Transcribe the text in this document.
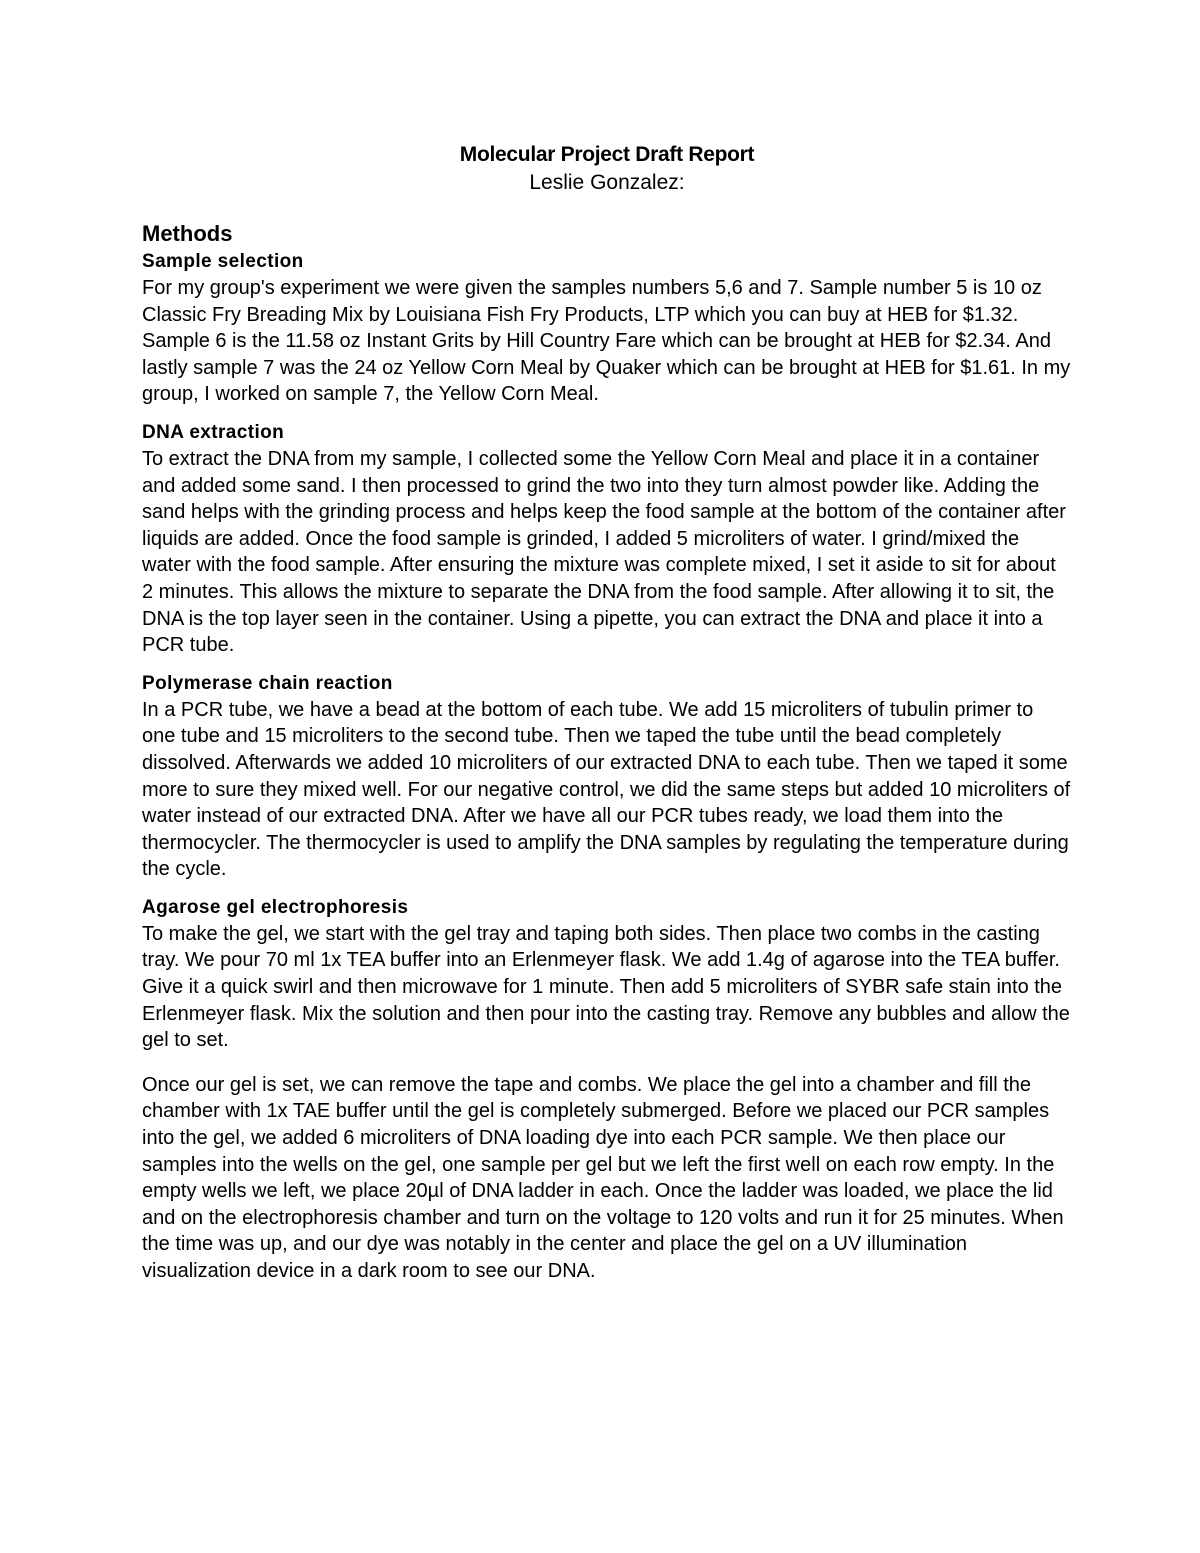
Molecular Project Draft Report

Leslie Gonzalez:

Methods
Sample selection

For my group's experiment we were given the samples numbers 5,6 and 7. Sample number 5 is 10 oz Classic Fry Breading Mix by Louisiana Fish Fry Products, LTP which you can buy at HEB for $1.32. Sample 6 is the 11.58 oz Instant Grits by Hill Country Fare which can be brought at HEB for $2.34. And lastly sample 7 was the 24 oz Yellow Corn Meal by Quaker which can be brought at HEB for $1.61. In my group, I worked on sample 7, the Yellow Corn Meal.

DNA extraction

To extract the DNA from my sample, I collected some the Yellow Corn Meal and place it in a container and added some sand. I then processed to grind the two into they turn almost powder like. Adding the sand helps with the grinding process and helps keep the food sample at the bottom of the container after liquids are added. Once the food sample is grinded, I added 5 microliters of water. I grind/mixed the water with the food sample. After ensuring the mixture was complete mixed, I set it aside to sit for about 2 minutes. This allows the mixture to separate the DNA from the food sample. After allowing it to sit, the DNA is the top layer seen in the container. Using a pipette, you can extract the DNA and place it into a PCR tube.

Polymerase chain reaction

In a PCR tube, we have a bead at the bottom of each tube. We add 15 microliters of tubulin primer to one tube and 15 microliters to the second tube. Then we taped the tube until the bead completely dissolved. Afterwards we added 10 microliters of our extracted DNA to each tube. Then we taped it some more to sure they mixed well. For our negative control, we did the same steps but added 10 microliters of water instead of our extracted DNA. After we have all our PCR tubes ready, we load them into the thermocycler. The thermocycler is used to amplify the DNA samples by regulating the temperature during the cycle.

Agarose gel electrophoresis

To make the gel, we start with the gel tray and taping both sides. Then place two combs in the casting tray. We pour 70 ml 1x TEA buffer into an Erlenmeyer flask. We add 1.4g of agarose into the TEA buffer. Give it a quick swirl and then microwave for 1 minute. Then add 5 microliters of SYBR safe stain into the Erlenmeyer flask. Mix the solution and then pour into the casting tray. Remove any bubbles and allow the gel to set.

Once our gel is set, we can remove the tape and combs. We place the gel into a chamber and fill the chamber with 1x TAE buffer until the gel is completely submerged. Before we placed our PCR samples into the gel, we added 6 microliters of DNA loading dye into each PCR sample. We then place our samples into the wells on the gel, one sample per gel but we left the first well on each row empty. In the empty wells we left, we place 20µl of DNA ladder in each. Once the ladder was loaded, we place the lid and on the electrophoresis chamber and turn on the voltage to 120 volts and run it for 25 minutes. When the time was up, and our dye was notably in the center and place the gel on a UV illumination visualization device in a dark room to see our DNA.
